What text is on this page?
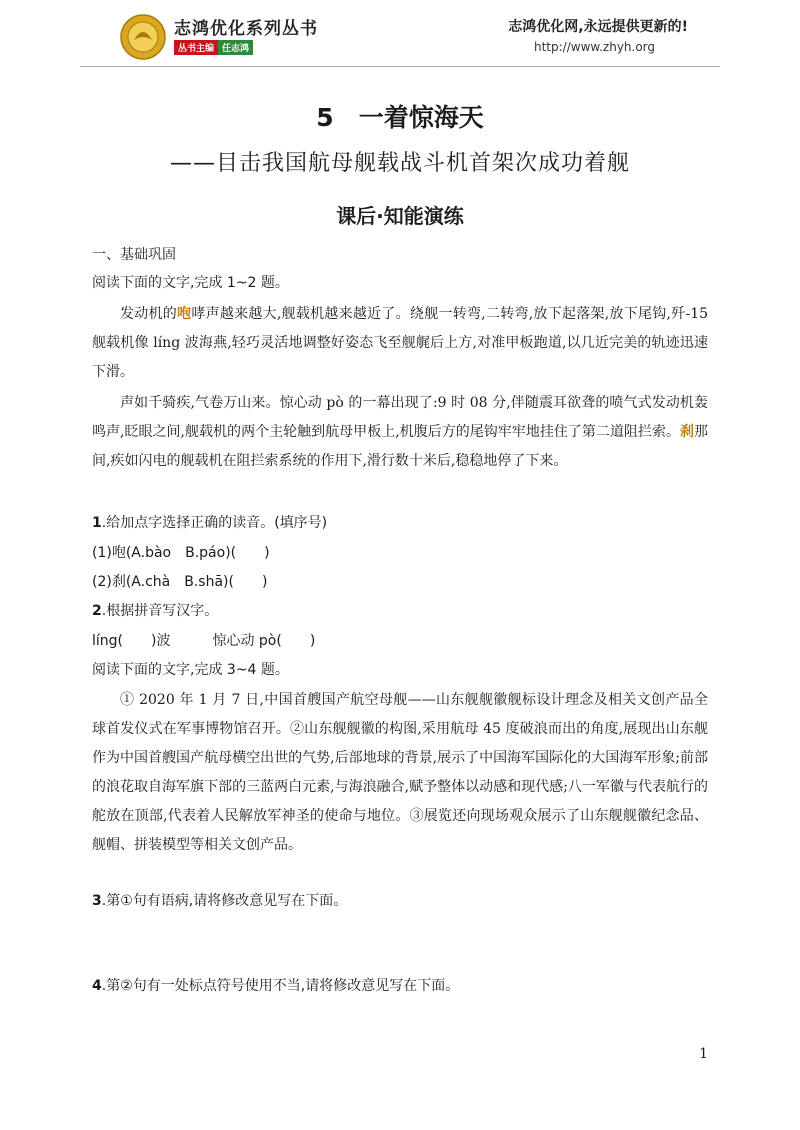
志鸿优化系列丛书
丛书主编 任志鸿
志鸿优化网,永远提供更新的!
http://www.zhyh.org
5　一着惊海天
——目击我国航母舰载战斗机首架次成功着舰
课后·知能演练
一、基础巩固
阅读下面的文字,完成 1~2 题。
发动机的咆哮声越来越大,舰载机越来越近了。绕舰一转弯,二转弯,放下起落架,放下尾钩,歼-15 舰载机像 líng 波海燕,轻巧灵活地调整好姿态飞至舰艉后上方,对准甲板跑道,以几近完美的轨迹迅速下滑。
声如千骑疾,气卷万山来。惊心动 pò 的一幕出现了:9 时 08 分,伴随震耳欲聋的喷气式发动机轰鸣声,眨眼之间,舰载机的两个主轮触到航母甲板上,机腹后方的尾钩牢牢地挂住了第二道阻拦索。刹那间,疾如闪电的舰载机在阻拦索系统的作用下,滑行数十米后,稳稳地停了下来。
1.给加点字选择正确的读音。(填序号)
(1)咆(A.bào　B.páo)(　　)
(2)刹(A.chà　B.shā)(　　)
2.根据拼音写汉字。
líng(　　)波　　　惊心动 pò(　　)
阅读下面的文字,完成 3~4 题。
① 2020 年 1 月 7 日,中国首艘国产航空母舰——山东舰舰徽舰标设计理念及相关文创产品全球首发仪式在军事博物馆召开。②山东舰舰徽的构图,采用航母 45 度破浪而出的角度,展现出山东舰作为中国首艘国产航母横空出世的气势,后部地球的背景,展示了中国海军国际化的大国海军形象;前部的浪花取自海军旗下部的三蓝两白元素,与海浪融合,赋予整体以动感和现代感;八一军徽与代表航行的舵放在顶部,代表着人民解放军神圣的使命与地位。③展览还向现场观众展示了山东舰舰徽纪念品、舰帽、拼装模型等相关文创产品。
3.第①句有语病,请将修改意见写在下面。
4.第②句有一处标点符号使用不当,请将修改意见写在下面。
1
